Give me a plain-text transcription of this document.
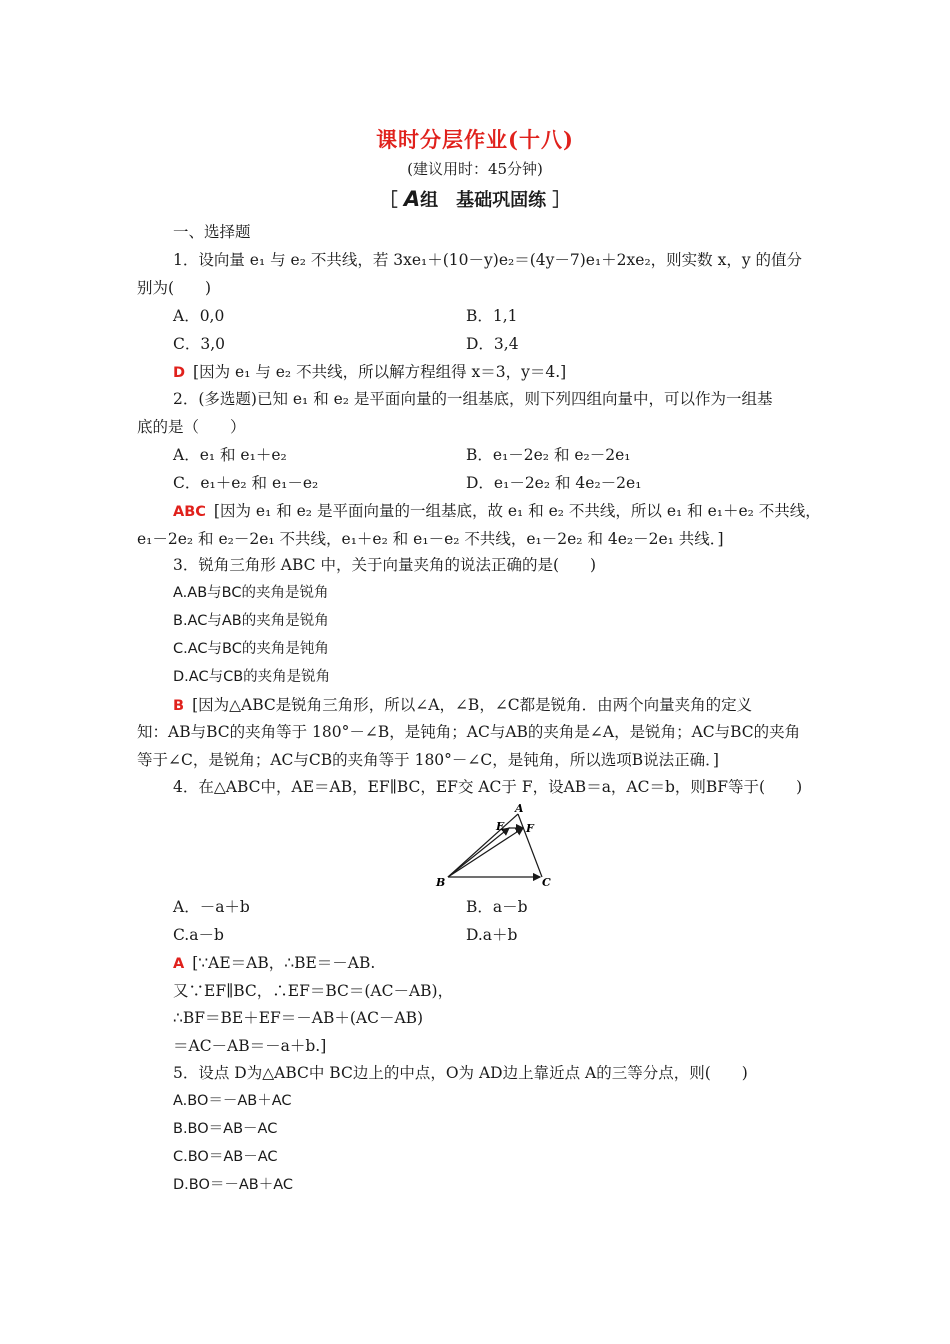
课时分层作业(十八)
(建议用时：45分钟)
［ A组　基础巩固练 ］
一、选择题
1．设向量 e₁ 与 e₂ 不共线，若 3xe₁＋(10－y)e₂＝(4y－7)e₁＋2xe₂，则实数 x，y 的值分
别为(　　)
A．0,0	B．1,1
C．3,0	D．3,4
D [因为 e₁ 与 e₂ 不共线，所以解方程组得 x＝3，y＝4.]
2．(多选题)已知 e₁ 和 e₂ 是平面向量的一组基底，则下列四组向量中，可以作为一组基
底的是（　　）
A．e₁ 和 e₁＋e₂	B．e₁－2e₂ 和 e₂－2e₁
C．e₁＋e₂ 和 e₁－e₂	D．e₁－2e₂ 和 4e₂－2e₁
ABC [因为 e₁ 和 e₂ 是平面向量的一组基底，故 e₁ 和 e₂ 不共线，所以 e₁ 和 e₁＋e₂ 不共线，
e₁－2e₂ 和 e₂－2e₁ 不共线，e₁＋e₂ 和 e₁－e₂ 不共线，e₁－2e₂ 和 4e₂－2e₁ 共线．]
3．锐角三角形 ABC 中，关于向量夹角的说法正确的是(　　)
A.AB与BC的夹角是锐角
B.AC与AB的夹角是锐角
C.AC与BC的夹角是钝角
D.AC与CB的夹角是锐角
B [因为△ABC是锐角三角形，所以∠A，∠B，∠C都是锐角．由两个向量夹角的定义
知：AB与BC的夹角等于 180°－∠B，是钝角；AC与AB的夹角是∠A，是锐角；AC与BC的夹角
等于∠C，是锐角；AC与CB的夹角等于 180°－∠C，是钝角，所以选项B说法正确．]
4．在△ABC中，AE＝AB，EF∥BC，EF交 AC于 F，设AB＝a，AC＝b，则BF等于(　　)
A
E F
B	C
A．－a＋b	B．a－b
C.a－b	D.a＋b
A [∵AE＝AB，∴BE＝－AB.
又∵EF∥BC，∴EF＝BC＝(AC－AB)，
∴BF＝BE＋EF＝－AB＋(AC－AB)
＝AC－AB＝－a＋b.]
5．设点 D为△ABC中 BC边上的中点，O为 AD边上靠近点 A的三等分点，则(　　)
A.BO＝－AB＋AC
B.BO＝AB－AC
C.BO＝AB－AC
D.BO＝－AB＋AC
